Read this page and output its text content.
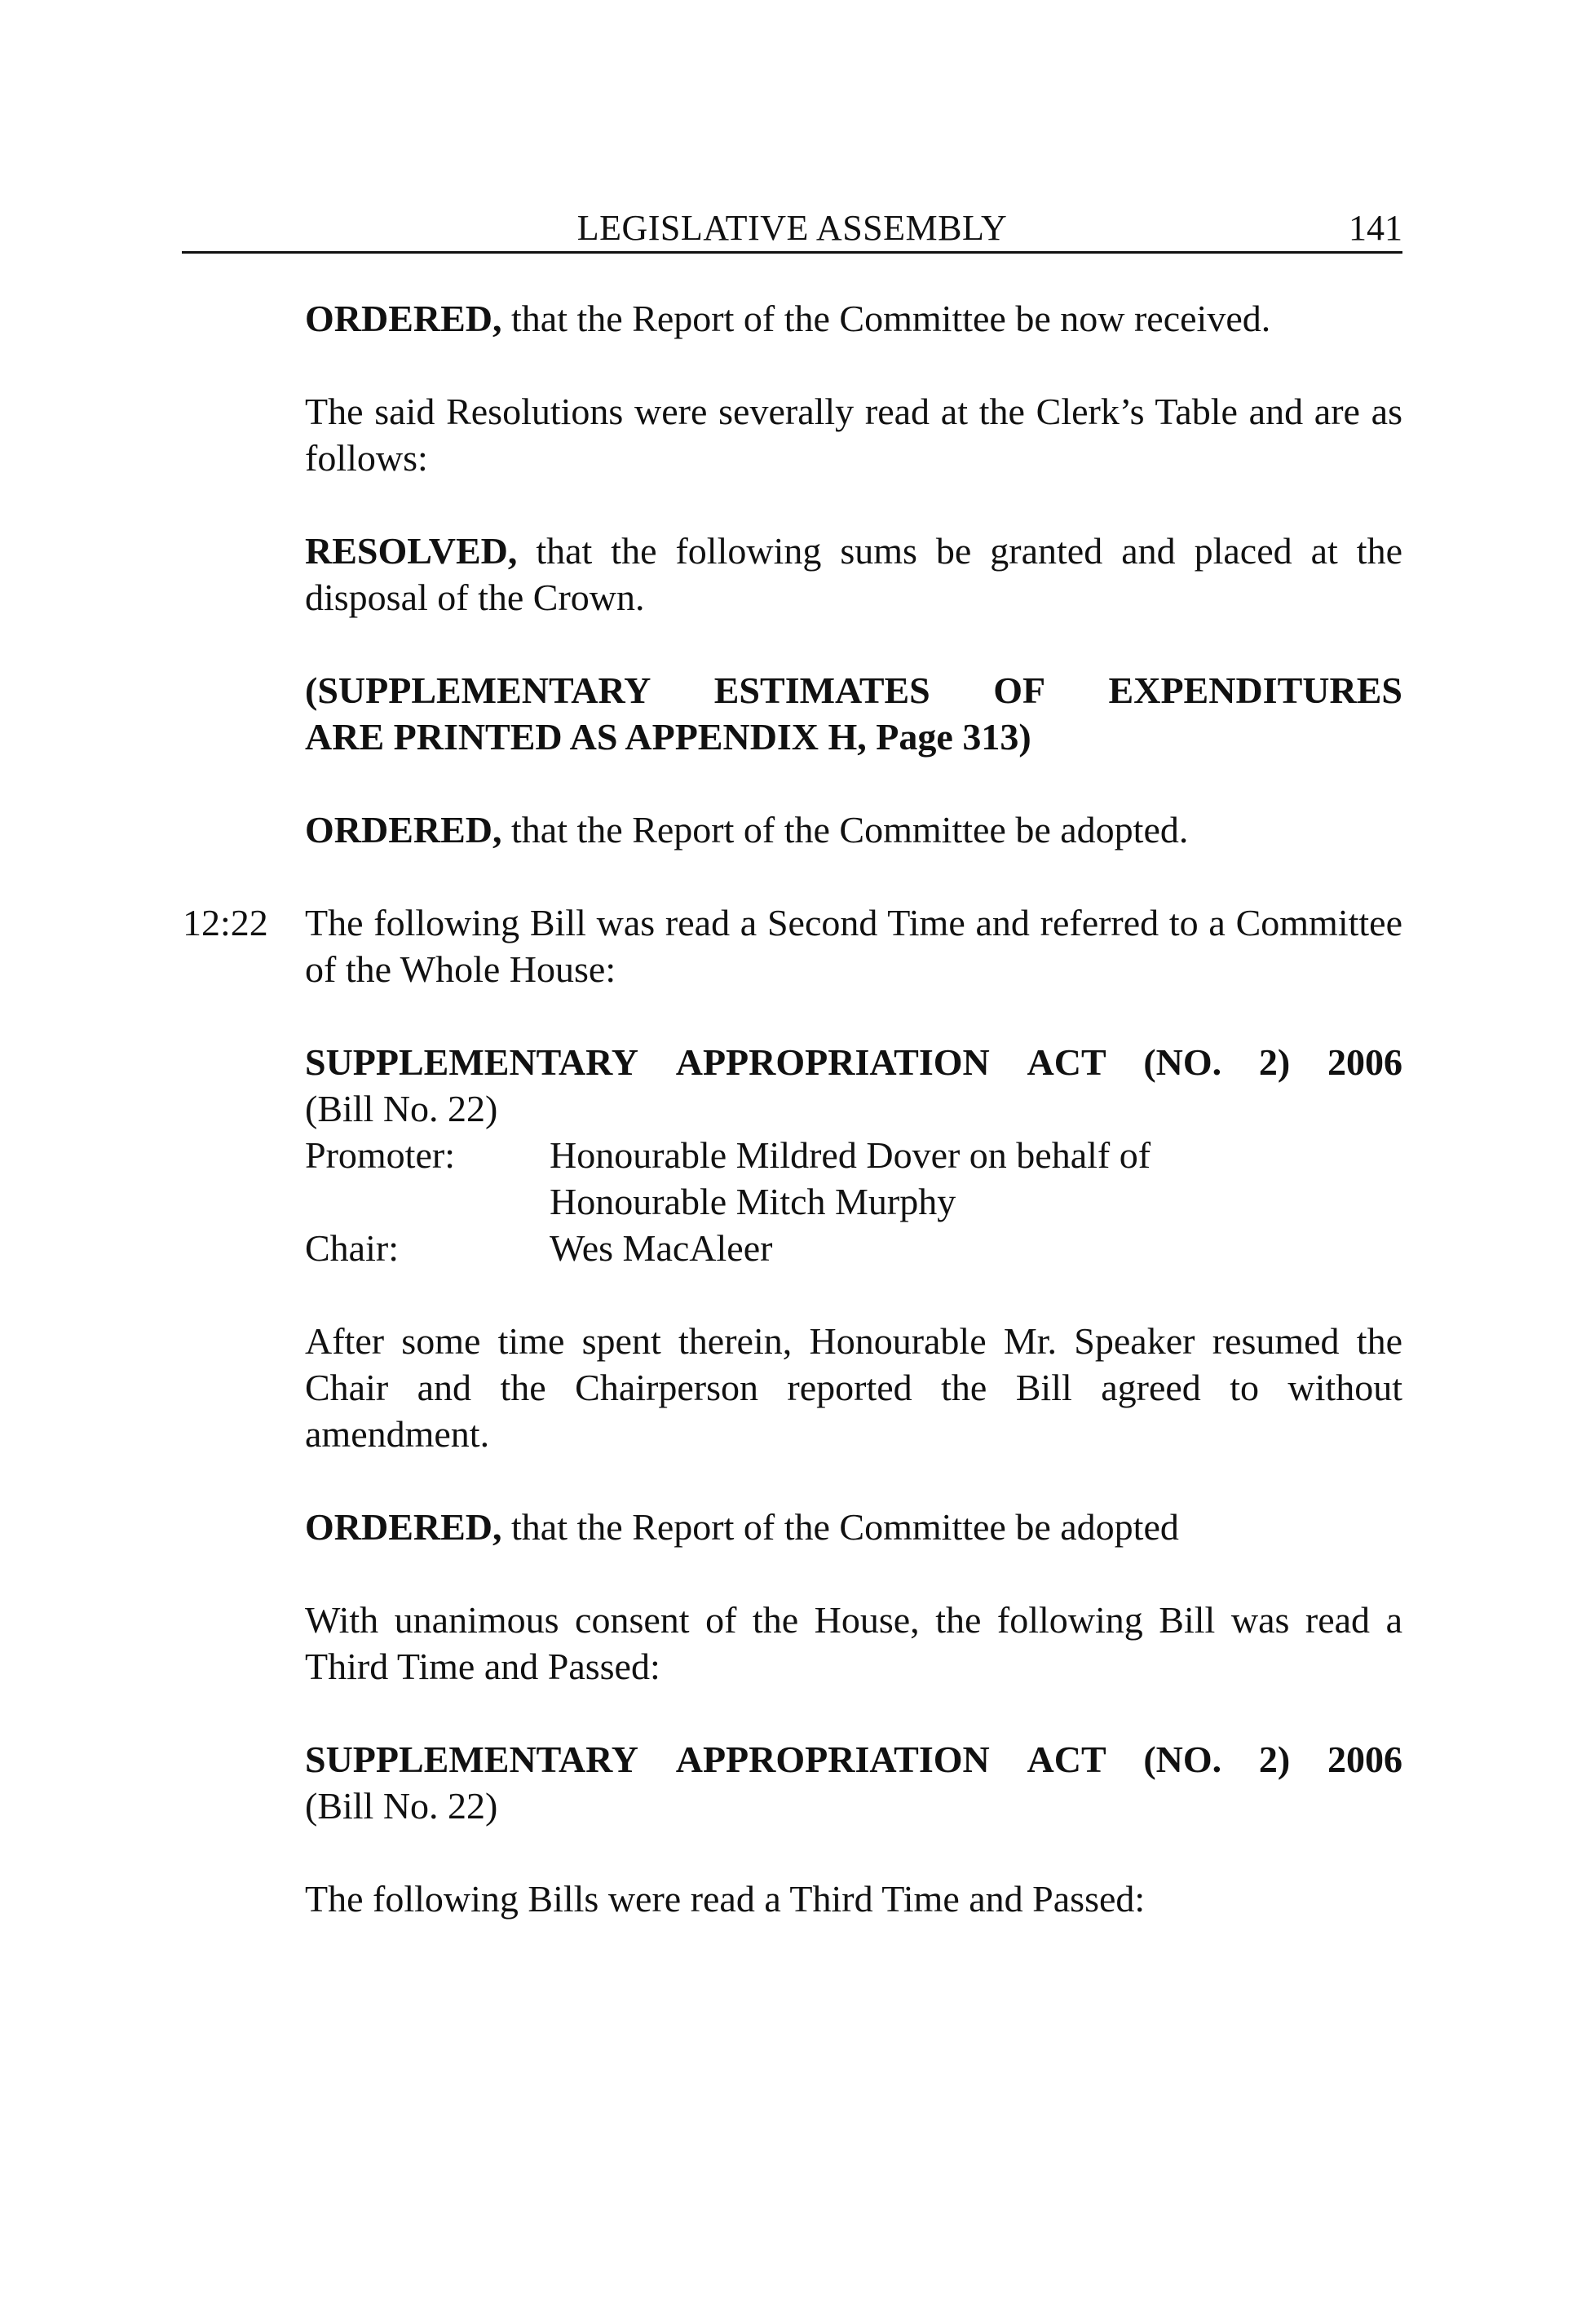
LEGISLATIVE ASSEMBLY	141

ORDERED, that the Report of the Committee be now received.

The said Resolutions were severally read at the Clerk’s Table and are as follows:

RESOLVED, that the following sums be granted and placed at the disposal of the Crown.

(SUPPLEMENTARY ESTIMATES OF EXPENDITURES
ARE PRINTED AS APPENDIX H, Page 313)

ORDERED, that the Report of the Committee be adopted.

12:22 The following Bill was read a Second Time and referred to a Committee of the Whole House:

SUPPLEMENTARY APPROPRIATION ACT (NO. 2) 2006
(Bill No. 22)
Promoter:	Honourable Mildred Dover on behalf of
Honourable Mitch Murphy
Chair:	Wes MacAleer

After some time spent therein, Honourable Mr. Speaker resumed the Chair and the Chairperson reported the Bill agreed to without amendment.

ORDERED, that the Report of the Committee be adopted

With unanimous consent of the House, the following Bill was read a Third Time and Passed:

SUPPLEMENTARY APPROPRIATION ACT (NO. 2) 2006
(Bill No. 22)

The following Bills were read a Third Time and Passed:
